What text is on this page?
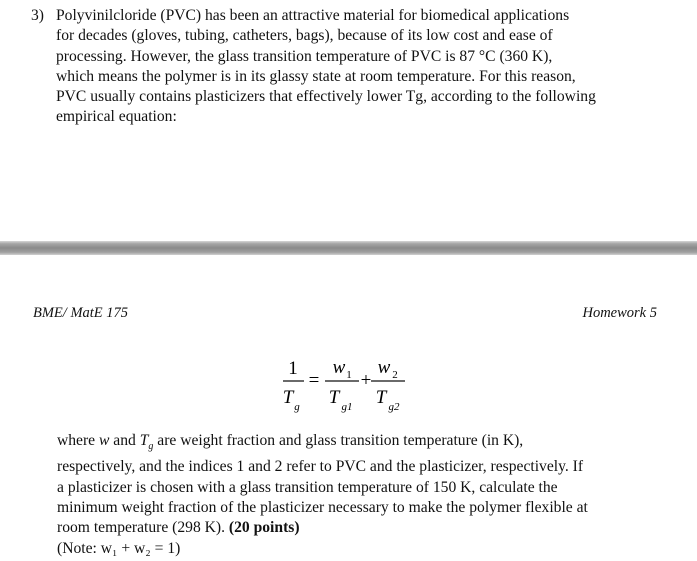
3) Polyvinilcloride (PVC) has been an attractive material for biomedical applications
for decades (gloves, tubing, catheters, bags), because of its low cost and ease of
processing. However, the glass transition temperature of PVC is 87 °C (360 K),
which means the polymer is in its glassy state at room temperature. For this reason,
PVC usually contains plasticizers that effectively lower Tg, according to the following
empirical equation:
BME/ MatE 175	Homework 5
1
T g
=
w 1
T g1
+
w 2
T g2
where w and $T_g$ are weight fraction and glass transition temperature (in K),
respectively, and the indices 1 and 2 refer to PVC and the plasticizer, respectively. If
a plasticizer is chosen with a glass transition temperature of 150 K, calculate the
minimum weight fraction of the plasticizer necessary to make the polymer flexible at
room temperature (298 K). (20 points)
(Note: w₁ + w₂ = 1)
